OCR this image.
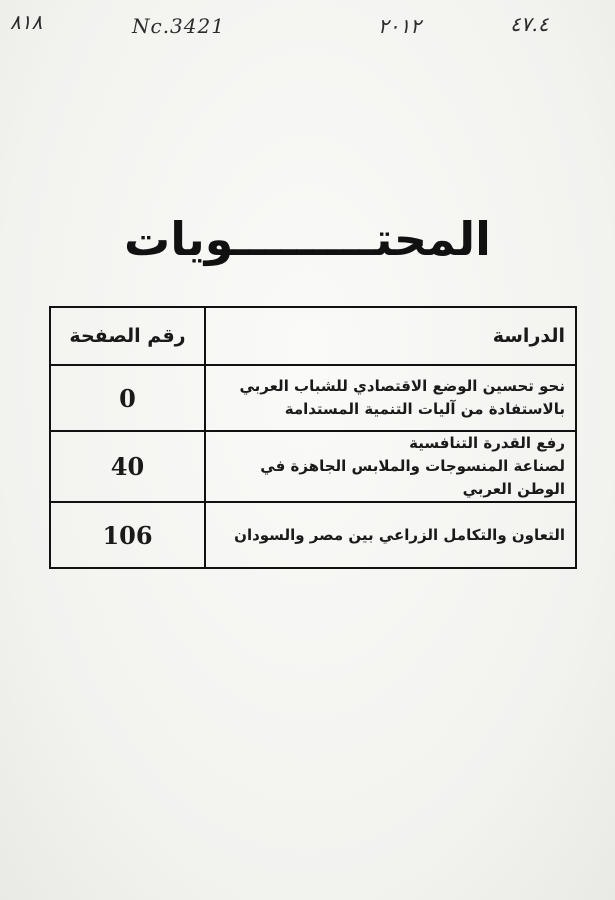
٨١٨	Nc.3421	٢٠١٢	٤٧.٤
المحتـــــــــويات
الدراسة	رقم الصفحة

نحو تحسين الوضع الاقتصادي للشباب العربي
بالاستفادة من آليات التنمية المستدامة	0

رفع القدرة التنافسية
لصناعة المنسوجات والملابس الجاهزة في الوطن العربي	40

التعاون والتكامل الزراعي بين مصر والسودان	106
